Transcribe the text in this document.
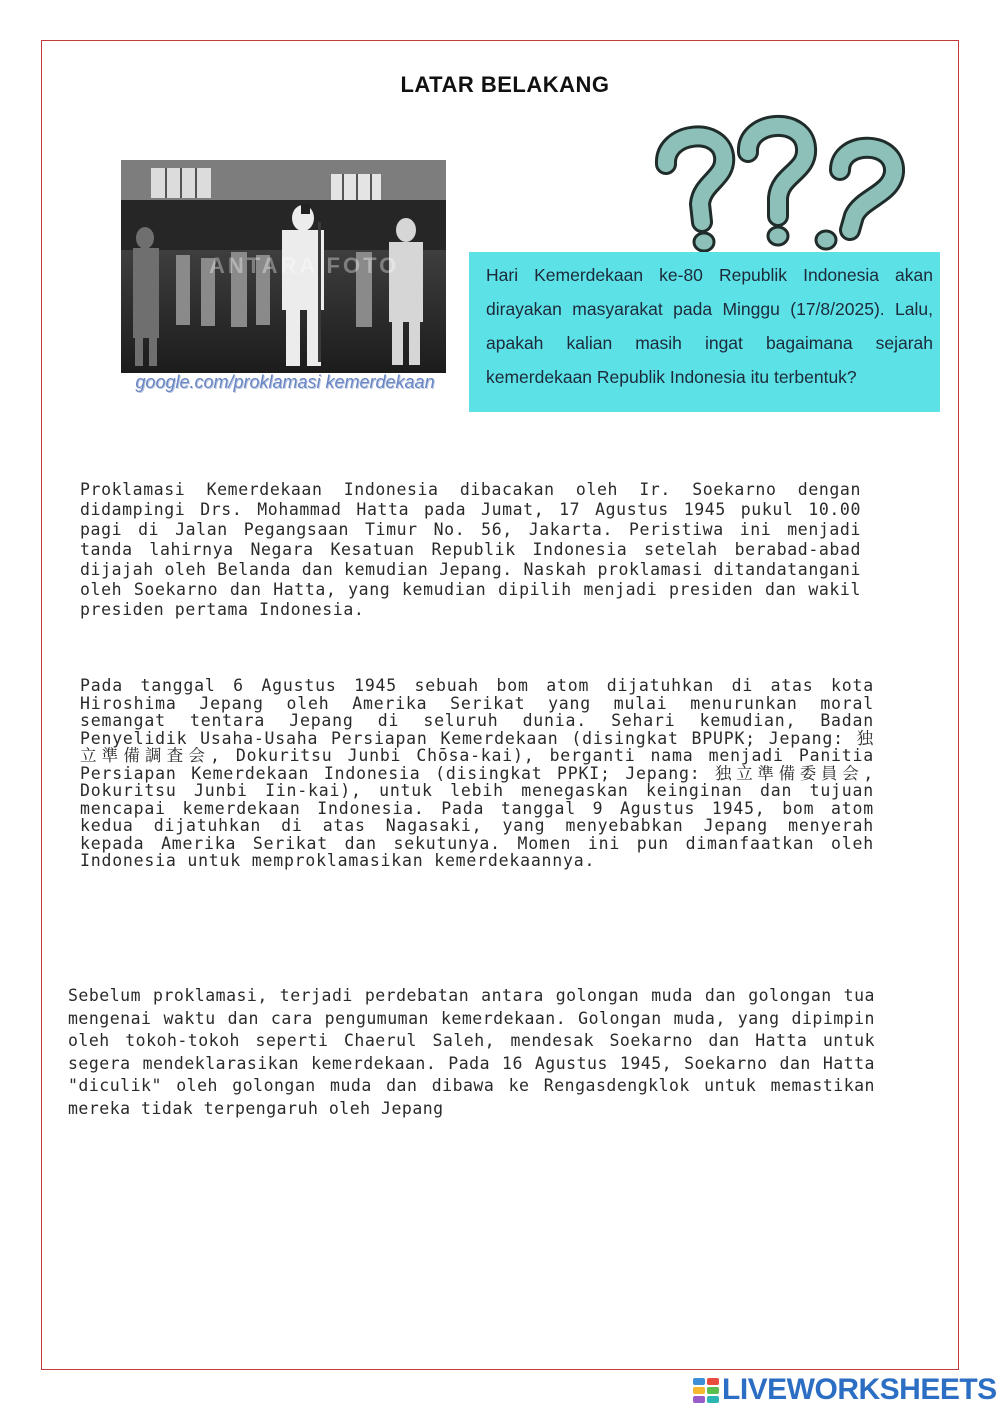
LATAR BELAKANG
ANTARA FOTO
google.com/proklamasi kemerdekaan

Hari Kemerdekaan ke-80 Republik Indonesia akan dirayakan masyarakat pada Minggu (17/8/2025). Lalu, apakah kalian masih ingat bagaimana sejarah kemerdekaan Republik Indonesia itu terbentuk?

Proklamasi Kemerdekaan Indonesia dibacakan oleh Ir. Soekarno dengan didampingi Drs. Mohammad Hatta pada Jumat, 17 Agustus 1945 pukul 10.00 pagi di Jalan Pegangsaan Timur No. 56, Jakarta. Peristiwa ini menjadi tanda lahirnya Negara Kesatuan Republik Indonesia setelah berabad-abad dijajah oleh Belanda dan kemudian Jepang. Naskah proklamasi ditandatangani oleh Soekarno dan Hatta, yang kemudian dipilih menjadi presiden dan wakil presiden pertama Indonesia.

Pada tanggal 6 Agustus 1945 sebuah bom atom dijatuhkan di atas kota Hiroshima Jepang oleh Amerika Serikat yang mulai menurunkan moral semangat tentara Jepang di seluruh dunia. Sehari kemudian, Badan Penyelidik Usaha-Usaha Persiapan Kemerdekaan (disingkat BPUPK; Jepang: 独立準備調査会, Dokuritsu Junbi Chōsa-kai), berganti nama menjadi Panitia Persiapan Kemerdekaan Indonesia (disingkat PPKI; Jepang: 独立準備委員会, Dokuritsu Junbi Iin-kai), untuk lebih menegaskan keinginan dan tujuan mencapai kemerdekaan Indonesia. Pada tanggal 9 Agustus 1945, bom atom kedua dijatuhkan di atas Nagasaki, yang menyebabkan Jepang menyerah kepada Amerika Serikat dan sekutunya. Momen ini pun dimanfaatkan oleh Indonesia untuk memproklamasikan kemerdekaannya.

Sebelum proklamasi, terjadi perdebatan antara golongan muda dan golongan tua mengenai waktu dan cara pengumuman kemerdekaan. Golongan muda, yang dipimpin oleh tokoh-tokoh seperti Chaerul Saleh, mendesak Soekarno dan Hatta untuk segera mendeklarasikan kemerdekaan. Pada 16 Agustus 1945, Soekarno dan Hatta "diculik" oleh golongan muda dan dibawa ke Rengasdengklok untuk memastikan mereka tidak terpengaruh oleh Jepang

LIVEWORKSHEETS
